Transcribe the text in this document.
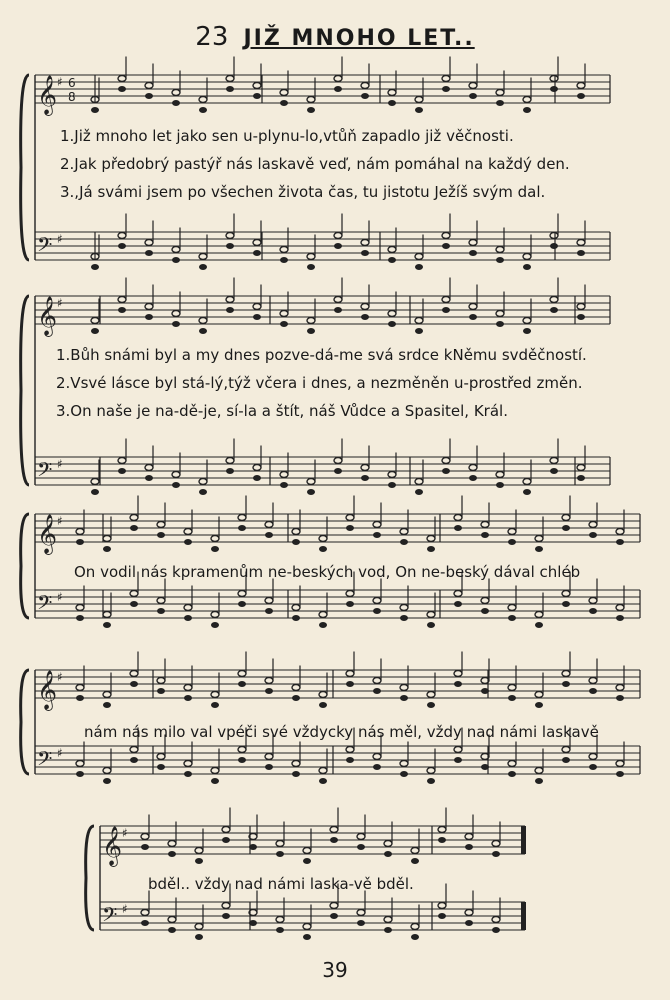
23 JIŽ MNOHO LET..
𝄞 ♯
𝄢 ♯
𝄞 ♯
𝄢 ♯
𝄞 ♯
𝄢 ♯
𝄞 ♯
𝄢 ♯
𝄞 ♯
𝄢 ♯
6
8
1.Již mnoho let jako sen u-plynu-lo,vtůň zapadlo již věčnosti.
2.Jak předobrý pastýř nás laskavě veď, nám pomáhal na každý den.
3.,Já svámi jsem po všechen života čas, tu jistotu Ježíš svým dal.
1.Bůh snámi byl a my dnes pozve-dá-me svá srdce kNěmu svděčností.
2.Vsvé lásce byl stá-lý,týž včera i dnes, a nezměněn u-prostřed změn.
3.On naše je na-dě-je, sí-la a štít, náš Vůdce a Spasitel, Král.
On vodil nás kpramenům ne-beských vod, On ne-beský dával chléb
nám nás milo val vpéči své vždycky nás měl, vždy nad námi laskavě
bděl.. vždy nad námi laska-vě bděl.
39
